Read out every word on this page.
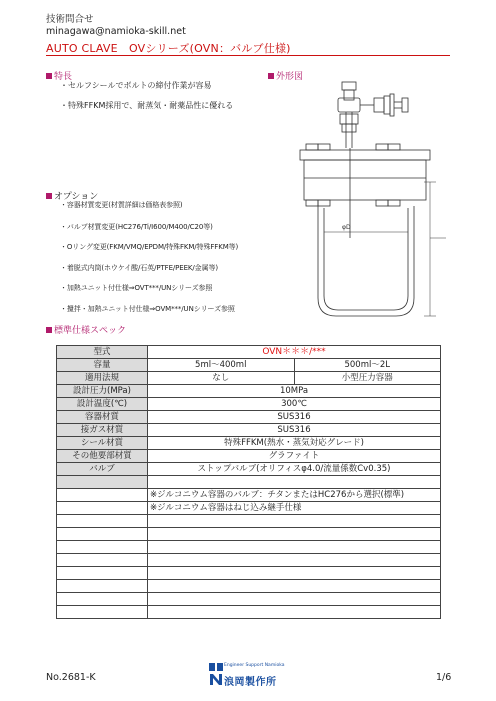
技術問合せ
minagawa@namioka-skill.net
AUTO CLAVE　OVシリーズ(OVN：バルブ仕様)
特長
・セルフシールでボルトの締付作業が容易
・特殊FFKM採用で、耐蒸気・耐薬品性に優れる
外形図
φD
オプション
・容器材質変更(材質詳細は価格表参照)
・バルブ材質変更(HC276/Ti/I600/M400/C20等)
・Oリング変更(FKM/VMQ/EPDM/特殊FKM/特殊FFKM等)
・着脱式内筒(ホウケイ酸/石英/PTFE/PEEK/金属等)
・加熱ユニット付仕様⇒OVT***/UNシリーズ参照
・攪拌・加熱ユニット付仕様⇒OVM***/UNシリーズ参照
標準仕様スペック
型式	OVN＊＊＊/***	
容量	5ml～400ml	500ml～2L
適用法規	なし	小型圧力容器
設計圧力(MPa)	10MPa	
設計温度(℃)	300℃	
容器材質	SUS316	
接ガス材質	SUS316	
シール材質	特殊FFKM(熱水・蒸気対応グレード)	
その他要部材質	グラファイト	
バルブ	ストップバルブ(オリフィスφ4.0/流量係数Cv0.35)	

	※ジルコニウム容器のバルブ：チタンまたはHC276から選択(標準)	
	※ジルコニウム容器はねじ込み継手仕様	

No.2681-K
Engineer Support Namioka
浪岡製作所	1/6
